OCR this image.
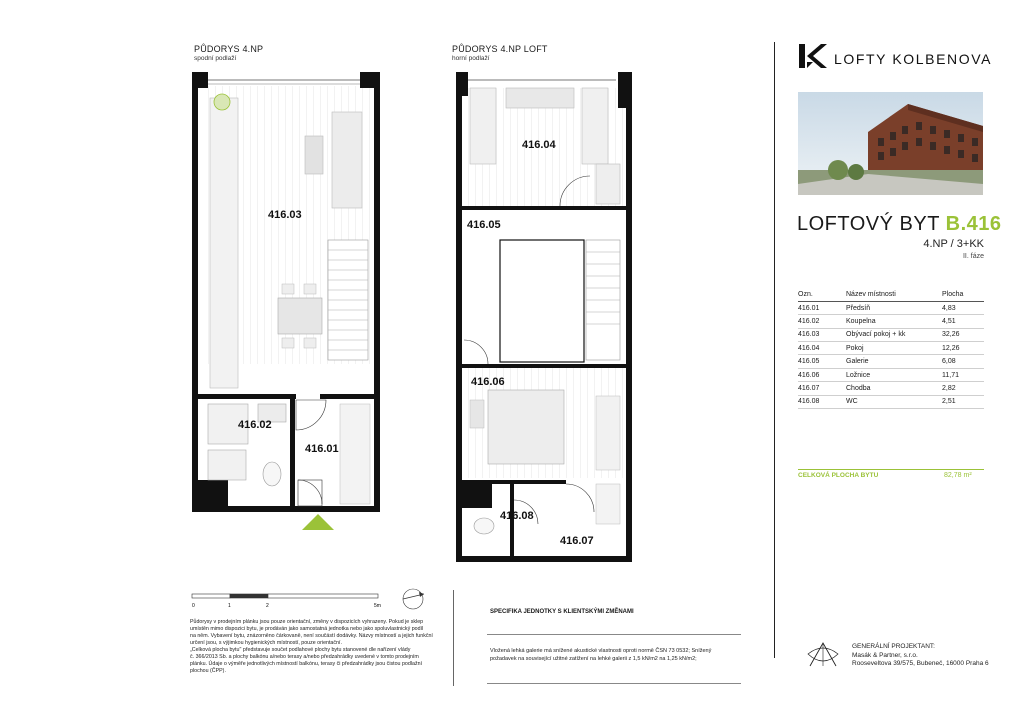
PŮDORYS 4.NP
spodní podlaží
416.03
416.02
416.01
PŮDORYS 4.NP LOFT
horní podlaží
416.04
416.05
416.06
416.08
416.07
LOFTY KOLBENOVA
LOFTOVÝ BYT B.416
4.NP / 3+KK
II. fáze
Ozn.	Název místnosti	Plocha
416.01	Předsíň	4,83
416.02	Koupelna	4,51
416.03	Obývací pokoj + kk	32,26
416.04	Pokoj	12,26
416.05	Galerie	6,08
416.06	Ložnice	11,71
416.07	Chodba	2,82
416.08	WC	2,51
CELKOVÁ PLOCHA BYTU	82,78 m²
0	1	2	5m
Půdorysy v prodejním plánku jsou pouze orientační, změny v dispozicích vyhrazeny. Pokud je sklep
umístěn mimo dispozici bytu, je prodáván jako samostatná jednotka nebo jako spoluvlastnický podíl
na něm. Vybavení bytu, znázorněno čárkovaně, není součástí dodávky. Názvy místností a jejich funkční
určení jsou, s výjimkou hygienických místností, pouze orientační.
„Celková plocha bytu" představuje součet podlahové plochy bytu stanovené dle nařízení vlády
č. 366/2013 Sb. a plochy balkónu a/nebo terasy a/nebo předzahrádky uvedené v tomto prodejním
plánku. Údaje o výměře jednotlivých místností balkónu, terasy či předzahrádky jsou čistou podlažní
plochou (ČPP).
SPECIFIKA JEDNOTKY S KLIENTSKÝMI ZMĚNAMI
Vložená lehká galerie má snížené akustické vlastnosti oproti normě ČSN 73 0532; Snížený
požadavek na související užitné zatížení na lehké galerii z 1,5 kN/m2 na 1,25 kN/m2;
GENERÁLNÍ PROJEKTANT:
Masák & Partner, s.r.o.
Rooseveltova 39/575, Bubeneč, 16000 Praha 6
